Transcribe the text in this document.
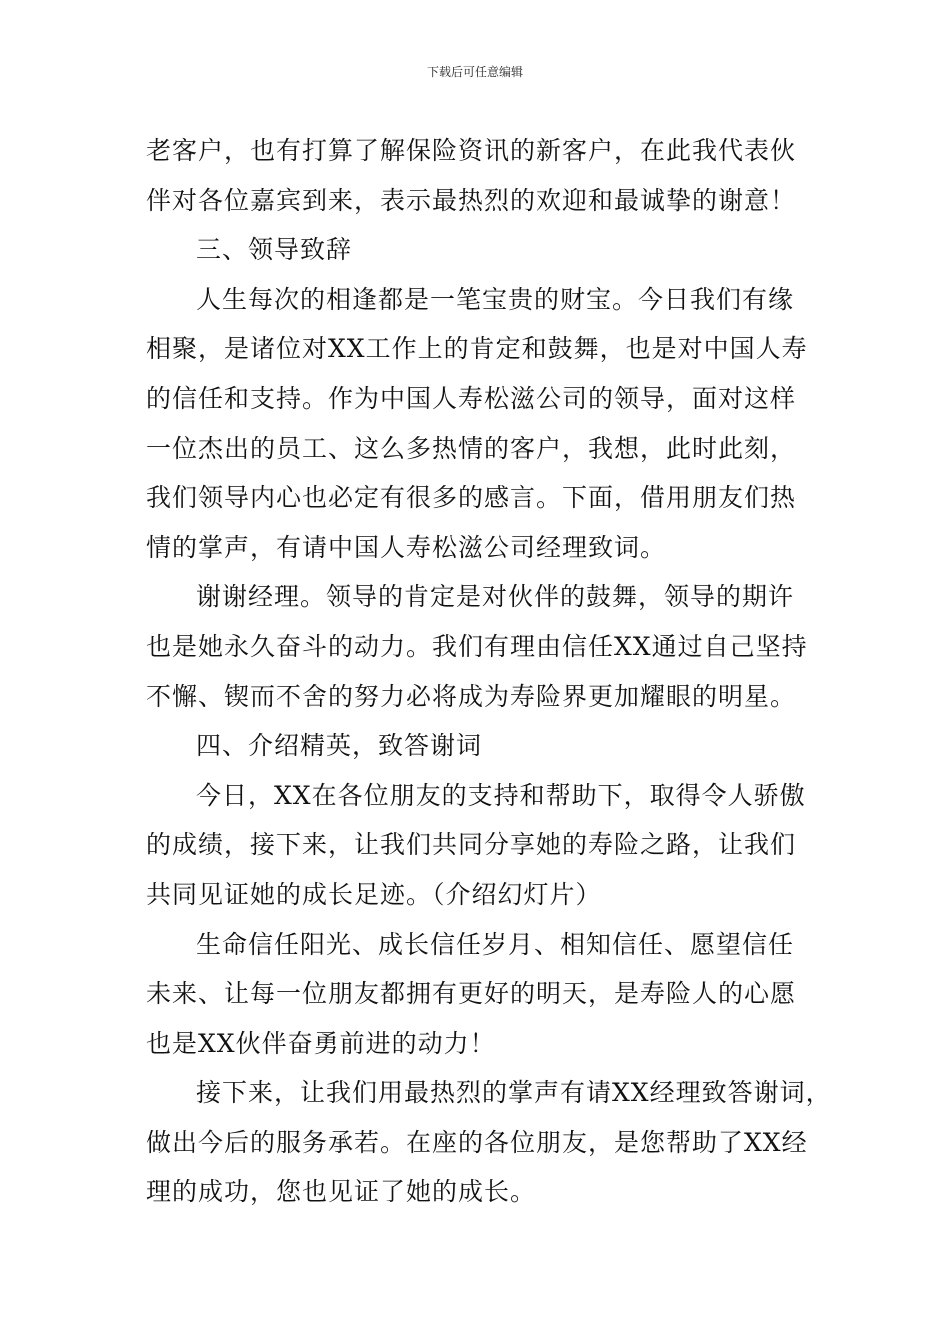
下载后可任意编辑
老客户，也有打算了解保险资讯的新客户，在此我代表伙
伴对各位嘉宾到来，表示最热烈的欢迎和最诚挚的谢意！
三、领导致辞
人生每次的相逢都是一笔宝贵的财宝。今日我们有缘
相聚，是诸位对XX工作上的肯定和鼓舞，也是对中国人寿
的信任和支持。作为中国人寿松滋公司的领导，面对这样
一位杰出的员工、这么多热情的客户，我想，此时此刻，
我们领导内心也必定有很多的感言。下面，借用朋友们热
情的掌声，有请中国人寿松滋公司经理致词。
谢谢经理。领导的肯定是对伙伴的鼓舞，领导的期许
也是她永久奋斗的动力。我们有理由信任XX通过自己坚持
不懈、锲而不舍的努力必将成为寿险界更加耀眼的明星。
四、介绍精英，致答谢词
今日，XX在各位朋友的支持和帮助下，取得令人骄傲
的成绩，接下来，让我们共同分享她的寿险之路，让我们
共同见证她的成长足迹。（介绍幻灯片）
生命信任阳光、成长信任岁月、相知信任、愿望信任
未来、让每一位朋友都拥有更好的明天，是寿险人的心愿
也是XX伙伴奋勇前进的动力！
接下来，让我们用最热烈的掌声有请XX经理致答谢词，
做出今后的服务承若。在座的各位朋友，是您帮助了XX经
理的成功，您也见证了她的成长。
